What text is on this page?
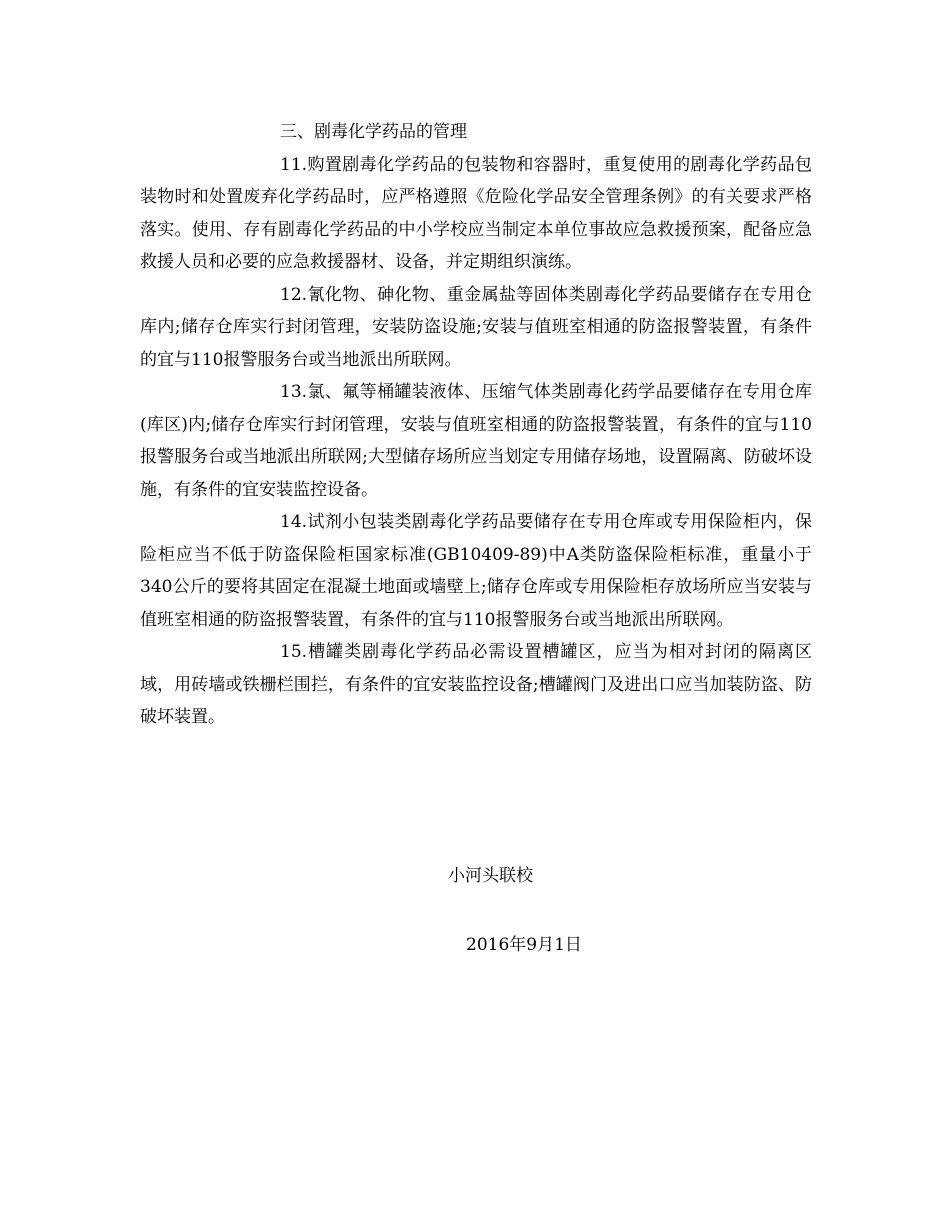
三、剧毒化学药品的管理

11.购置剧毒化学药品的包装物和容器时，重复使用的剧毒化学药品包装物时和处置废弃化学药品时，应严格遵照《危险化学品安全管理条例》的有关要求严格落实。使用、存有剧毒化学药品的中小学校应当制定本单位事故应急救援预案，配备应急救援人员和必要的应急救援器材、设备，并定期组织演练。

12.氰化物、砷化物、重金属盐等固体类剧毒化学药品要储存在专用仓库内;储存仓库实行封闭管理，安装防盗设施;安装与值班室相通的防盗报警装置，有条件的宜与110报警服务台或当地派出所联网。

13.氯、氟等桶罐装液体、压缩气体类剧毒化药学品要储存在专用仓库(库区)内;储存仓库实行封闭管理，安装与值班室相通的防盗报警装置，有条件的宜与110报警服务台或当地派出所联网;大型储存场所应当划定专用储存场地，设置隔离、防破坏设施，有条件的宜安装监控设备。

14.试剂小包装类剧毒化学药品要储存在专用仓库或专用保险柜内，保险柜应当不低于防盗保险柜国家标准(GB10409-89)中A类防盗保险柜标准，重量小于340公斤的要将其固定在混凝土地面或墙壁上;储存仓库或专用保险柜存放场所应当安装与值班室相通的防盗报警装置，有条件的宜与110报警服务台或当地派出所联网。

15.槽罐类剧毒化学药品必需设置槽罐区，应当为相对封闭的隔离区域，用砖墙或铁栅栏围拦，有条件的宜安装监控设备;槽罐阀门及进出口应当加装防盗、防破坏装置。

小河头联校
2016年9月1日
